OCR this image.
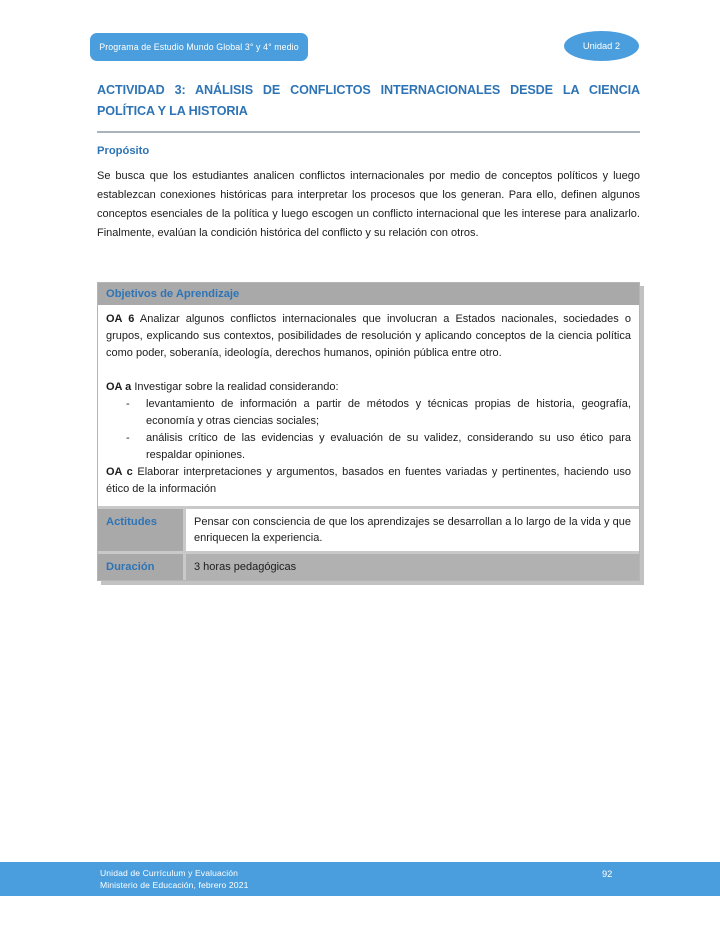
Programa de Estudio Mundo Global 3° y 4° medio	Unidad 2
ACTIVIDAD 3: ANÁLISIS DE CONFLICTOS INTERNACIONALES DESDE LA CIENCIA POLÍTICA Y LA HISTORIA
Propósito
Se busca que los estudiantes analicen conflictos internacionales por medio de conceptos políticos y luego establezcan conexiones históricas para interpretar los procesos que los generan. Para ello, definen algunos conceptos esenciales de la política y luego escogen un conflicto internacional que les interese para analizarlo. Finalmente, evalúan la condición histórica del conflicto y su relación con otros.
Objetivos de Aprendizaje

OA 6 Analizar algunos conflictos internacionales que involucran a Estados nacionales, sociedades o grupos, explicando sus contextos, posibilidades de resolución y aplicando conceptos de la ciencia política como poder, soberanía, ideología, derechos humanos, opinión pública entre otro.

OA a Investigar sobre la realidad considerando:

-	levantamiento de información a partir de métodos y técnicas propias de historia, geografía, economía y otras ciencias sociales;
-	análisis crítico de las evidencias y evaluación de su validez, considerando su uso ético para respaldar opiniones.

OA c Elaborar interpretaciones y argumentos, basados en fuentes variadas y pertinentes, haciendo uso ético de la información

Actitudes	Pensar con consciencia de que los aprendizajes se desarrollan a lo largo de la vida y que enriquecen la experiencia.
Duración	3 horas pedagógicas
Unidad de Currículum y Evaluación
Ministerio de Educación, febrero 2021
92
